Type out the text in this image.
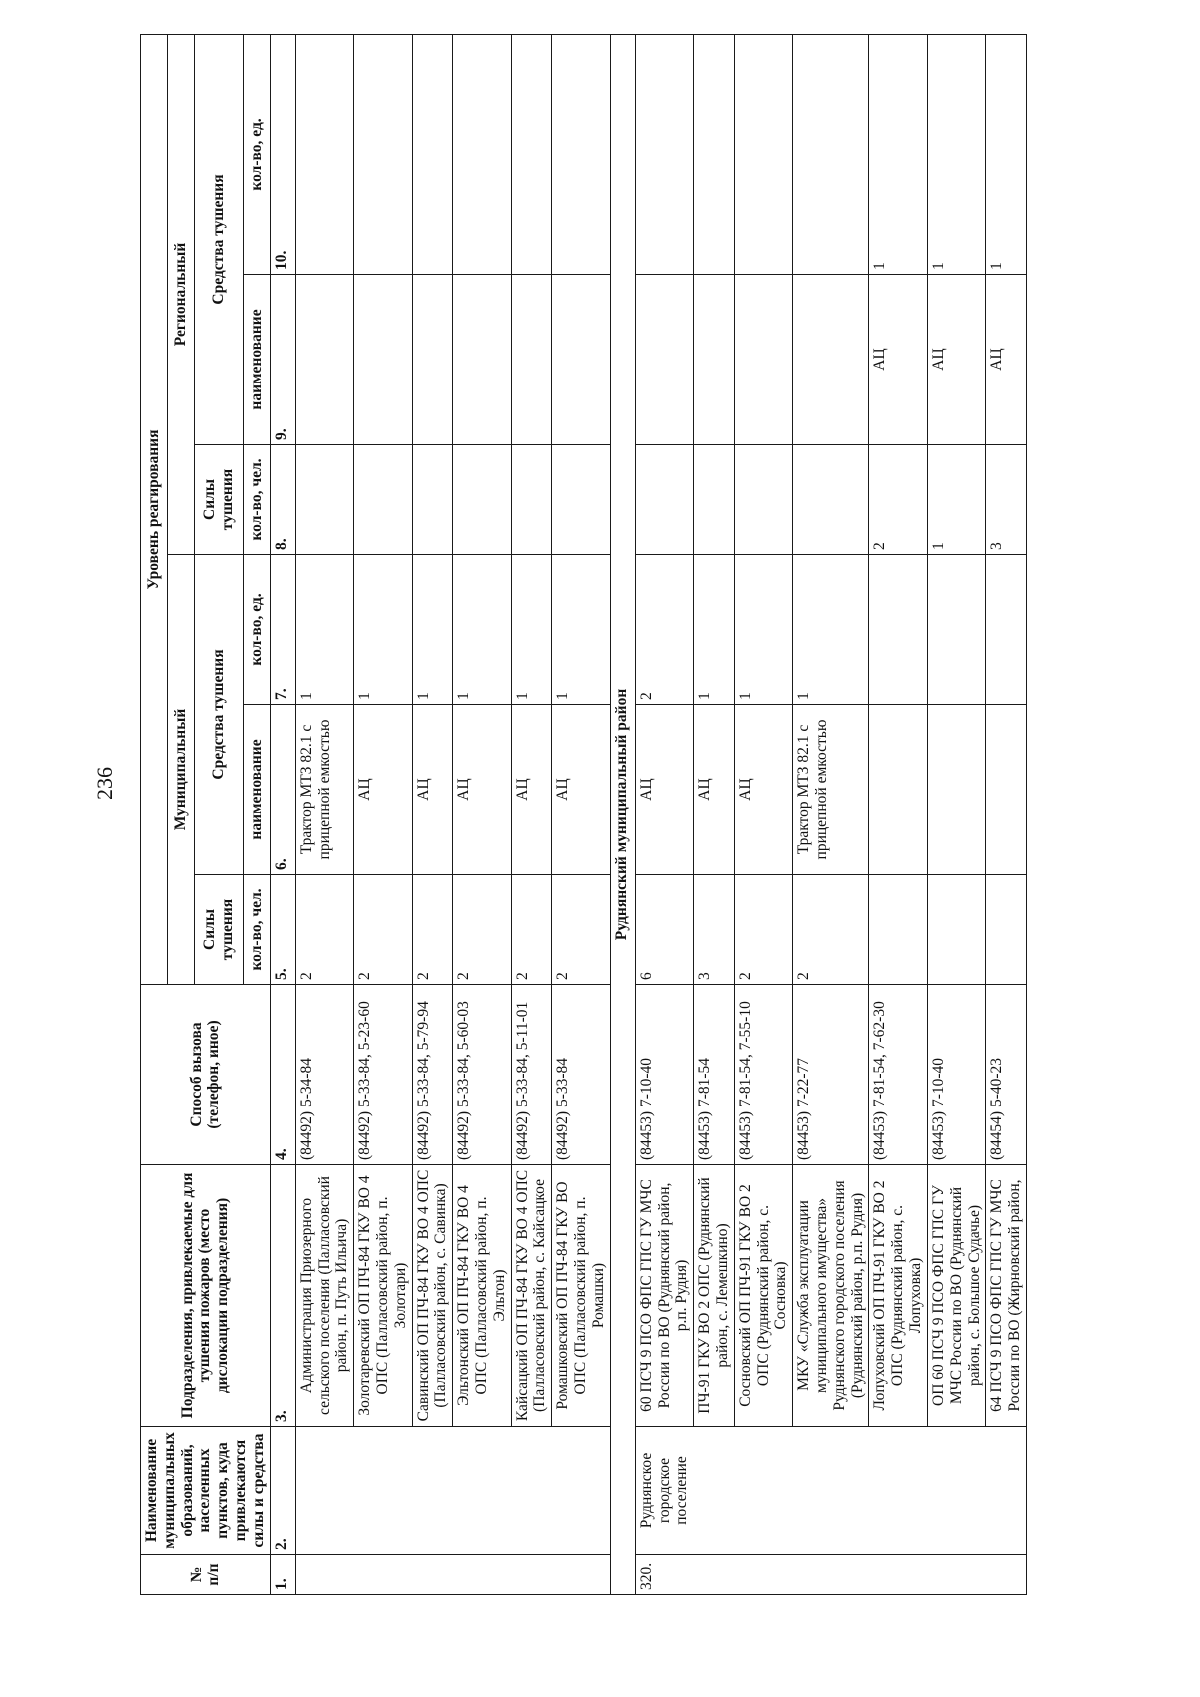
236
№ п/п	Наименование муниципальных образований, населенных пунктов, куда привлекаются силы и средства	Подразделения, привлекаемые для тушения пожаров (место дислокации подразделения)	Способ вызова (телефон, иное)	Уровень реагирования					
				Муниципальный			Региональный		
				Силы тушения	Средства тушения		Силы тушения	Средства тушения	
				кол-во, чел.	наименование	кол-во, ед.	кол-во, чел.	наименование	кол-во, ед.
1.	2.	3.	4.	5.	6.	7.	8.	9.	10.
		Администрация Приозерного сельского поселения (Палласовский район, п. Путь Ильича)	(84492) 5-34-84	2	Трактор МТЗ 82.1 с прицепной емкостью	1			
		Золотаревский ОП ПЧ-84 ГКУ ВО 4 ОПС (Палласовский район, п. Золотари)	(84492) 5-33-84, 5-23-60	2	АЦ	1			
		Савинский ОП ПЧ-84 ГКУ ВО 4 ОПС (Палласовский район, с. Савинка)	(84492) 5-33-84, 5-79-94	2	АЦ	1			
		Эльтонский ОП ПЧ-84 ГКУ ВО 4 ОПС (Палласовский район, п. Эльтон)	(84492) 5-33-84, 5-60-03	2	АЦ	1			
		Кайсацкий ОП ПЧ-84 ГКУ ВО 4 ОПС (Палласовский район, с. Кайсацкое	(84492) 5-33-84, 5-11-01	2	АЦ	1			
		Ромашковский ОП ПЧ-84 ГКУ ВО ОПС (Палласовский район, п. Ромашки)	(84492) 5-33-84	2	АЦ	1			
Руднянский муниципальный район									
320.	Руднянское городское поселение	60 ПСЧ 9 ПСО ФПС ГПС ГУ МЧС России по ВО (Руднянский район, р.п. Рудня)	(84453) 7-10-40	6	АЦ	2			
		ПЧ-91 ГКУ ВО 2 ОПС (Руднянский район, с. Лемешкино)	(84453) 7-81-54	3	АЦ	1			
		Сосновский ОП ПЧ-91 ГКУ ВО 2 ОПС (Руднянский район, с. Сосновка)	(84453) 7-81-54, 7-55-10	2	АЦ	1			
		МКУ «Служба эксплуатации муниципального имущества» Руднянского городского поселения (Руднянский район, р.п. Рудня)	(84453) 7-22-77	2	Трактор МТЗ 82.1 с прицепной емкостью	1			
		Лопуховский ОП ПЧ-91 ГКУ ВО 2 ОПС (Руднянский район, с. Лопуховка)	(84453) 7-81-54, 7-62-30				2	АЦ	1
		ОП 60 ПСЧ 9 ПСО ФПС ГПС ГУ МЧС России по ВО (Руднянский район, с. Большое Судачье)	(84453) 7-10-40				1	АЦ	1
		64 ПСЧ 9 ПСО ФПС ГПС ГУ МЧС России по ВО (Жирновский район,	(84454) 5-40-23				3	АЦ	1
